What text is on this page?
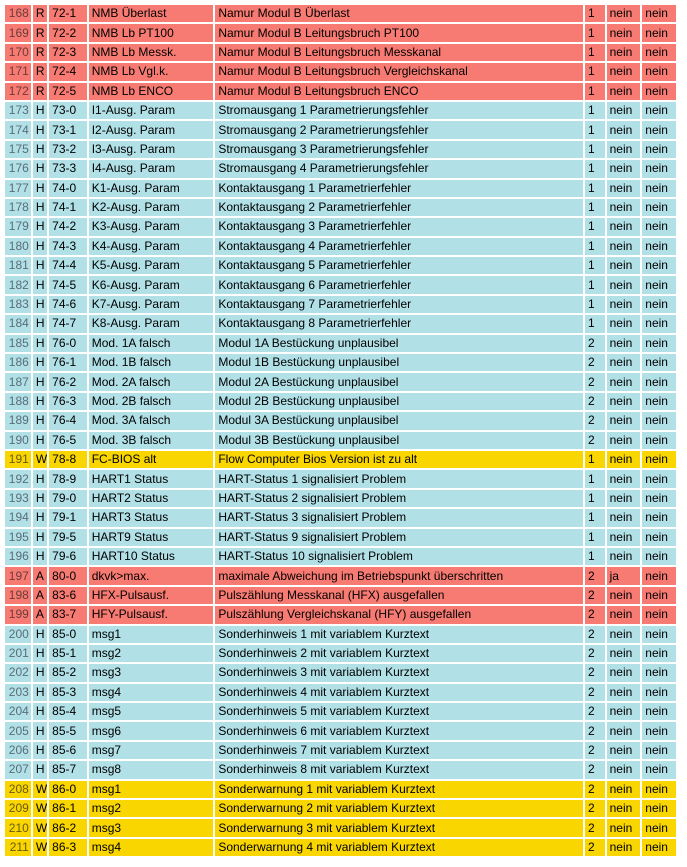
168	R	72-1	NMB Überlast	Namur Modul B Überlast	1	nein	nein
169	R	72-2	NMB Lb PT100	Namur Modul B Leitungsbruch PT100	1	nein	nein
170	R	72-3	NMB Lb Messk.	Namur Modul B Leitungsbruch Messkanal	1	nein	nein
171	R	72-4	NMB Lb Vgl.k.	Namur Modul B Leitungsbruch Vergleichskanal	1	nein	nein
172	R	72-5	NMB Lb ENCO	Namur Modul B Leitungsbruch ENCO	1	nein	nein
173	H	73-0	I1-Ausg. Param	Stromausgang 1 Parametrierungsfehler	1	nein	nein
174	H	73-1	I2-Ausg. Param	Stromausgang 2 Parametrierungsfehler	1	nein	nein
175	H	73-2	I3-Ausg. Param	Stromausgang 3 Parametrierungsfehler	1	nein	nein
176	H	73-3	I4-Ausg. Param	Stromausgang 4 Parametrierungsfehler	1	nein	nein
177	H	74-0	K1-Ausg. Param	Kontaktausgang 1 Parametrierfehler	1	nein	nein
178	H	74-1	K2-Ausg. Param	Kontaktausgang 2 Parametrierfehler	1	nein	nein
179	H	74-2	K3-Ausg. Param	Kontaktausgang 3 Parametrierfehler	1	nein	nein
180	H	74-3	K4-Ausg. Param	Kontaktausgang 4 Parametrierfehler	1	nein	nein
181	H	74-4	K5-Ausg. Param	Kontaktausgang 5 Parametrierfehler	1	nein	nein
182	H	74-5	K6-Ausg. Param	Kontaktausgang 6 Parametrierfehler	1	nein	nein
183	H	74-6	K7-Ausg. Param	Kontaktausgang 7 Parametrierfehler	1	nein	nein
184	H	74-7	K8-Ausg. Param	Kontaktausgang 8 Parametrierfehler	1	nein	nein
185	H	76-0	Mod. 1A falsch	Modul 1A Bestückung unplausibel	2	nein	nein
186	H	76-1	Mod. 1B falsch	Modul 1B Bestückung unplausibel	2	nein	nein
187	H	76-2	Mod. 2A falsch	Modul 2A Bestückung unplausibel	2	nein	nein
188	H	76-3	Mod. 2B falsch	Modul 2B Bestückung unplausibel	2	nein	nein
189	H	76-4	Mod. 3A falsch	Modul 3A Bestückung unplausibel	2	nein	nein
190	H	76-5	Mod. 3B falsch	Modul 3B Bestückung unplausibel	2	nein	nein
191	W	78-8	FC-BIOS alt	Flow Computer Bios Version ist zu alt	1	nein	nein
192	H	78-9	HART1 Status	HART-Status 1 signalisiert Problem	1	nein	nein
193	H	79-0	HART2 Status	HART-Status 2 signalisiert Problem	1	nein	nein
194	H	79-1	HART3 Status	HART-Status 3 signalisiert Problem	1	nein	nein
195	H	79-5	HART9 Status	HART-Status 9 signalisiert Problem	1	nein	nein
196	H	79-6	HART10 Status	HART-Status 10 signalisiert Problem	1	nein	nein
197	A	80-0	dkvk>max.	maximale Abweichung im Betriebspunkt überschritten	2	ja	nein
198	A	83-6	HFX-Pulsausf.	Pulszählung Messkanal (HFX) ausgefallen	2	nein	nein
199	A	83-7	HFY-Pulsausf.	Pulszählung Vergleichskanal (HFY) ausgefallen	2	nein	nein
200	H	85-0	msg1	Sonderhinweis 1 mit variablem Kurztext	2	nein	nein
201	H	85-1	msg2	Sonderhinweis 2 mit variablem Kurztext	2	nein	nein
202	H	85-2	msg3	Sonderhinweis 3 mit variablem Kurztext	2	nein	nein
203	H	85-3	msg4	Sonderhinweis 4 mit variablem Kurztext	2	nein	nein
204	H	85-4	msg5	Sonderhinweis 5 mit variablem Kurztext	2	nein	nein
205	H	85-5	msg6	Sonderhinweis 6 mit variablem Kurztext	2	nein	nein
206	H	85-6	msg7	Sonderhinweis 7 mit variablem Kurztext	2	nein	nein
207	H	85-7	msg8	Sonderhinweis 8 mit variablem Kurztext	2	nein	nein
208	W	86-0	msg1	Sonderwarnung 1 mit variablem Kurztext	2	nein	nein
209	W	86-1	msg2	Sonderwarnung 2 mit variablem Kurztext	2	nein	nein
210	W	86-2	msg3	Sonderwarnung 3 mit variablem Kurztext	2	nein	nein
211	W	86-3	msg4	Sonderwarnung 4 mit variablem Kurztext	2	nein	nein
